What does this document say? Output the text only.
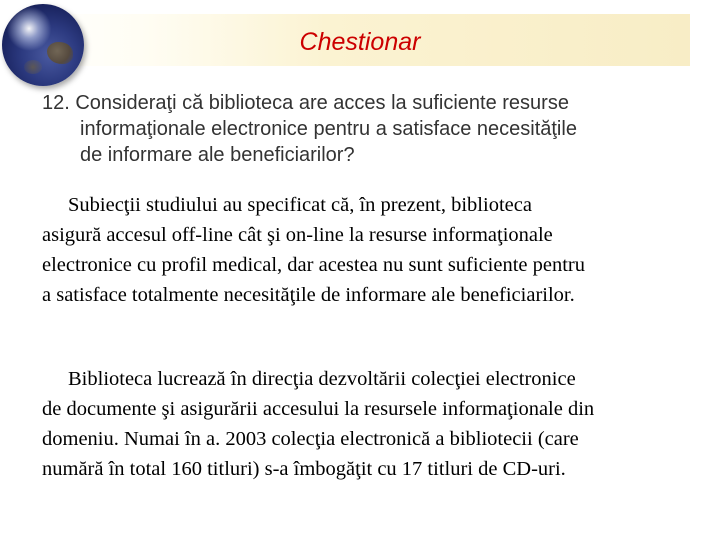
Chestionar

12. Consideraţi că biblioteca are acces la suficiente resurse
informaţionale electronice pentru a satisface necesităţile
de informare ale beneficiarilor?

Subiecţii studiului au specificat că, în prezent, biblioteca
asigură accesul off-line cât şi on-line la resurse informaţionale
electronice cu profil medical, dar acestea nu sunt suficiente pentru
a satisface totalmente necesităţile de informare ale beneficiarilor.

Biblioteca lucrează în direcţia dezvoltării colecţiei electronice
de documente şi asigurării accesului la resursele informaţionale din
domeniu. Numai în a. 2003 colecţia electronică a bibliotecii (care
numără în total 160 titluri) s-a îmbogăţit cu 17 titluri de CD-uri.
